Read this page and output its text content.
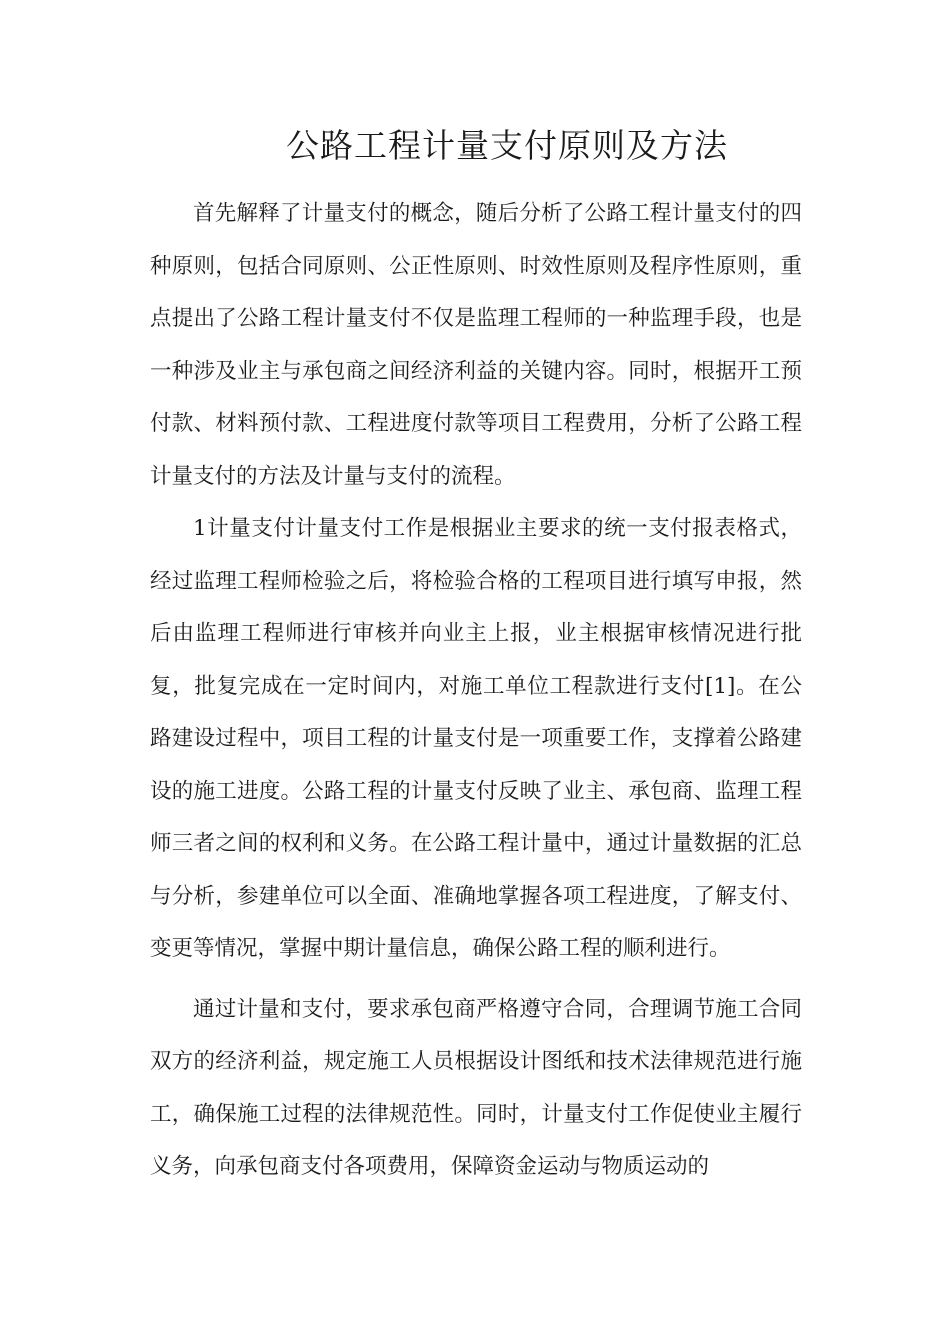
公路工程计量支付原则及方法

首先解释了计量支付的概念，随后分析了公路工程计量支付的四种原则，包括合同原则、公正性原则、时效性原则及程序性原则，重点提出了公路工程计量支付不仅是监理工程师的一种监理手段，也是一种涉及业主与承包商之间经济利益的关键内容。同时，根据开工预付款、材料预付款、工程进度付款等项目工程费用，分析了公路工程计量支付的方法及计量与支付的流程。

1计量支付计量支付工作是根据业主要求的统一支付报表格式，经过监理工程师检验之后，将检验合格的工程项目进行填写申报，然后由监理工程师进行审核并向业主上报，业主根据审核情况进行批复，批复完成在一定时间内，对施工单位工程款进行支付[1]。在公路建设过程中，项目工程的计量支付是一项重要工作，支撑着公路建设的施工进度。公路工程的计量支付反映了业主、承包商、监理工程师三者之间的权利和义务。在公路工程计量中，通过计量数据的汇总与分析，参建单位可以全面、准确地掌握各项工程进度，了解支付、变更等情况，掌握中期计量信息，确保公路工程的顺利进行。

通过计量和支付，要求承包商严格遵守合同，合理调节施工合同双方的经济利益，规定施工人员根据设计图纸和技术法律规范进行施工，确保施工过程的法律规范性。同时，计量支付工作促使业主履行义务，向承包商支付各项费用，保障资金运动与物质运动的
